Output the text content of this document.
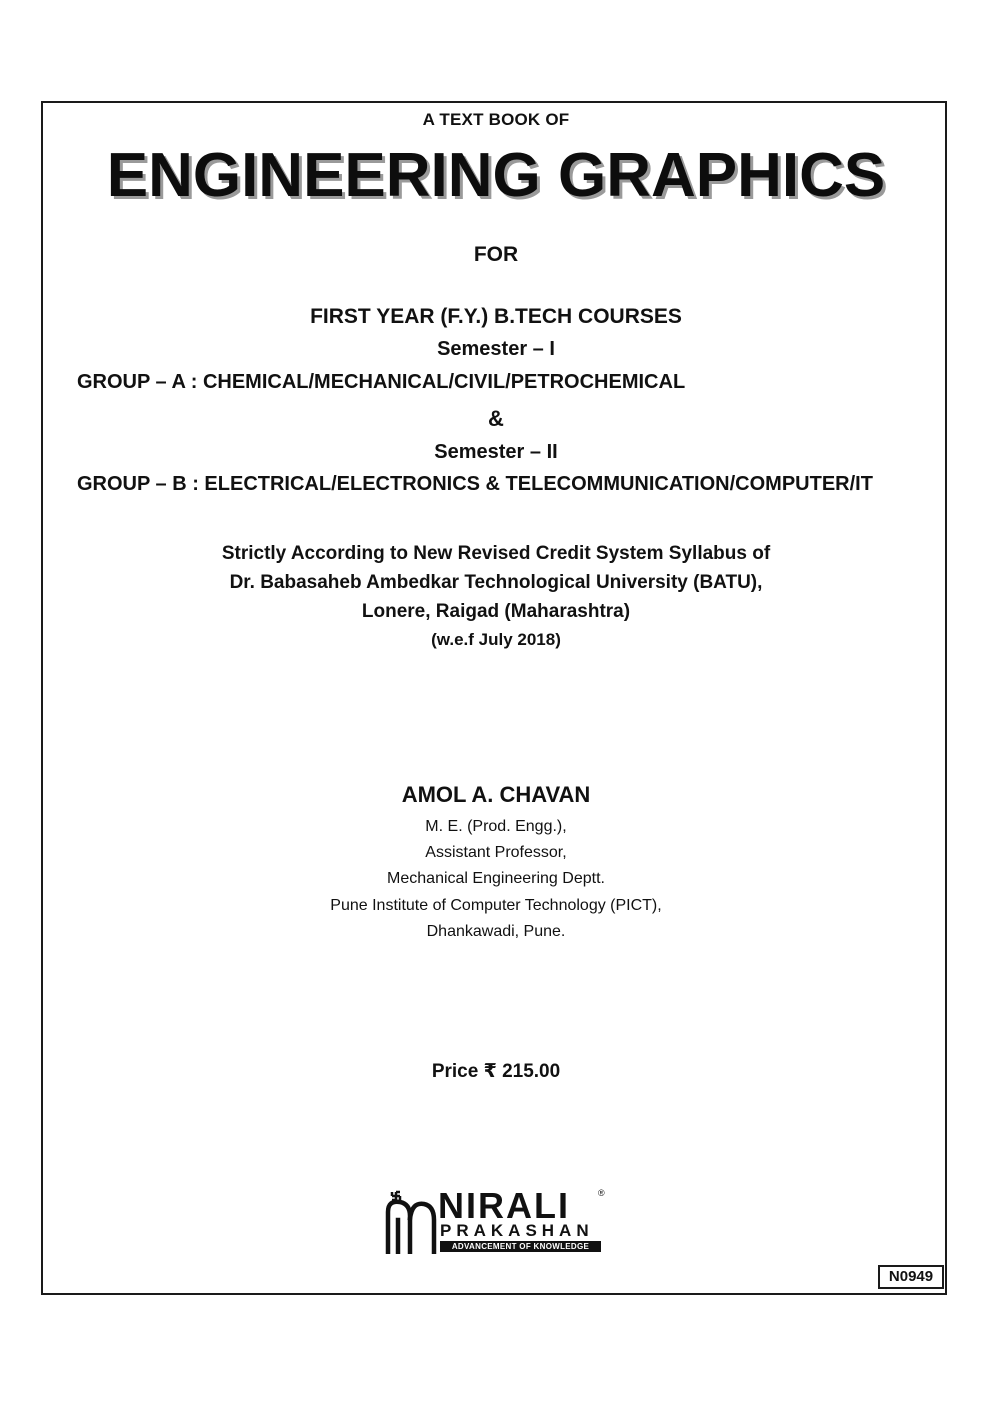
A TEXT BOOK OF
ENGINEERING GRAPHICS
FOR
FIRST YEAR (F.Y.) B.TECH COURSES
Semester – I
GROUP – A : CHEMICAL/MECHANICAL/CIVIL/PETROCHEMICAL
&
Semester – II
GROUP – B : ELECTRICAL/ELECTRONICS & TELECOMMUNICATION/COMPUTER/IT
Strictly According to New Revised Credit System Syllabus of
Dr. Babasaheb Ambedkar Technological University (BATU),
Lonere, Raigad (Maharashtra)
(w.e.f July 2018)
AMOL A. CHAVAN
M. E. (Prod. Engg.),
Assistant Professor,
Mechanical Engineering Deptt.
Pune Institute of Computer Technology (PICT),
Dhankawadi, Pune.
Price ₹ 215.00
NIRALI	®
PRAKASHAN
ADVANCEMENT OF KNOWLEDGE
N0949
